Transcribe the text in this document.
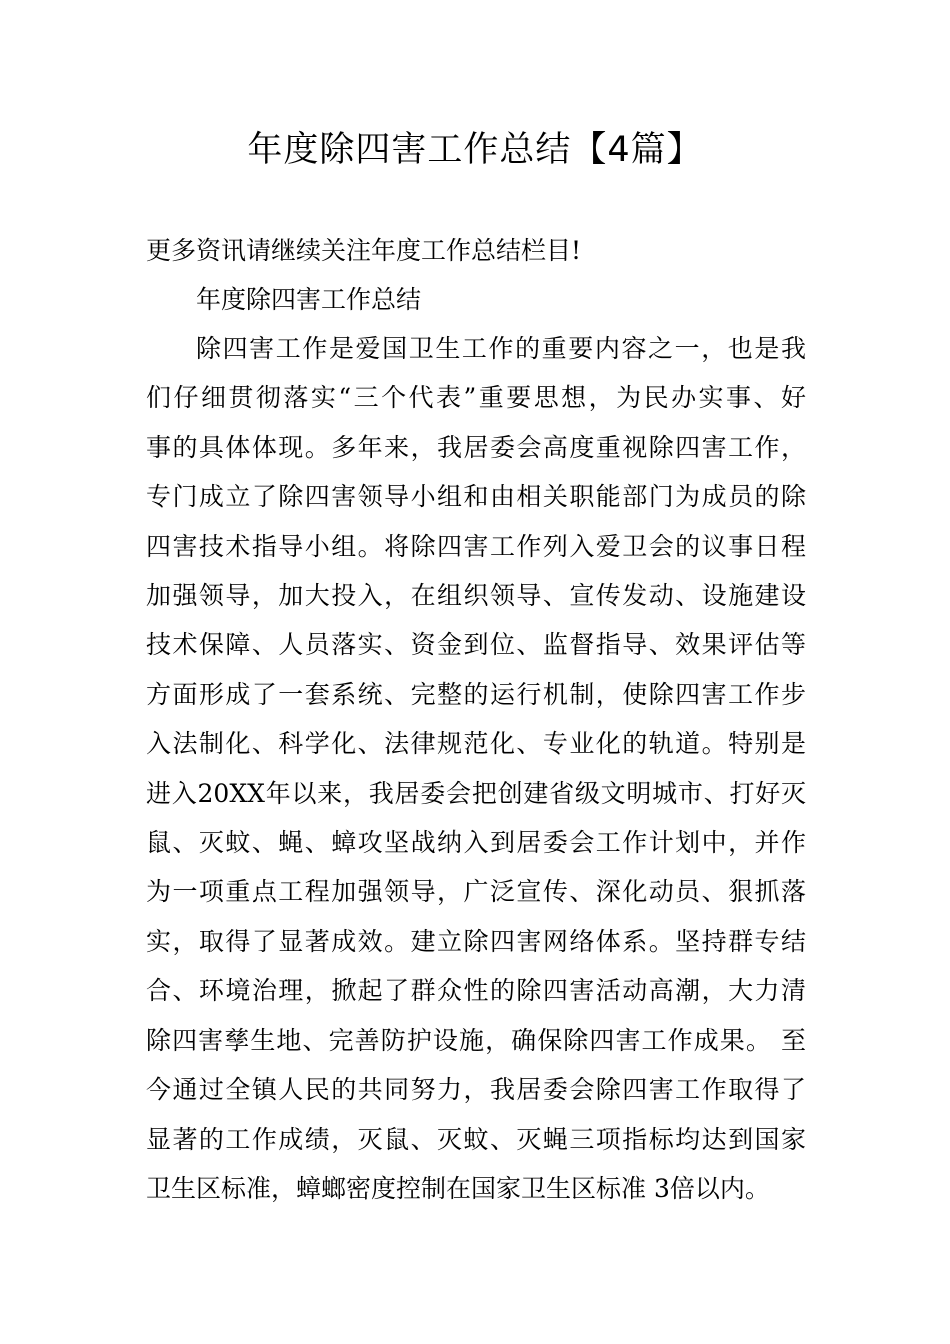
年度除四害工作总结【4篇】

更多资讯请继续关注年度工作总结栏目!

年度除四害工作总结

除四害工作是爱国卫生工作的重要内容之一，也是我
们仔细贯彻落实“三个代表”重要思想，为民办实事、好
事的具体体现。多年来，我居委会高度重视除四害工作，
专门成立了除四害领导小组和由相关职能部门为成员的除
四害技术指导小组。将除四害工作列入爱卫会的议事日程
加强领导，加大投入，在组织领导、宣传发动、设施建设
技术保障、人员落实、资金到位、监督指导、效果评估等
方面形成了一套系统、完整的运行机制，使除四害工作步
入法制化、科学化、法律规范化、专业化的轨道。特别是
进入20XX年以来，我居委会把创建省级文明城市、打好灭
鼠、灭蚊、蝇、蟑攻坚战纳入到居委会工作计划中，并作
为一项重点工程加强领导，广泛宣传、深化动员、狠抓落
实，取得了显著成效。建立除四害网络体系。坚持群专结
合、环境治理，掀起了群众性的除四害活动高潮，大力清
除四害孳生地、完善防护设施，确保除四害工作成果。 至
今通过全镇人民的共同努力，我居委会除四害工作取得了
显著的工作成绩，灭鼠、灭蚊、灭蝇三项指标均达到国家
卫生区标准，蟑螂密度控制在国家卫生区标准 3倍以内。
